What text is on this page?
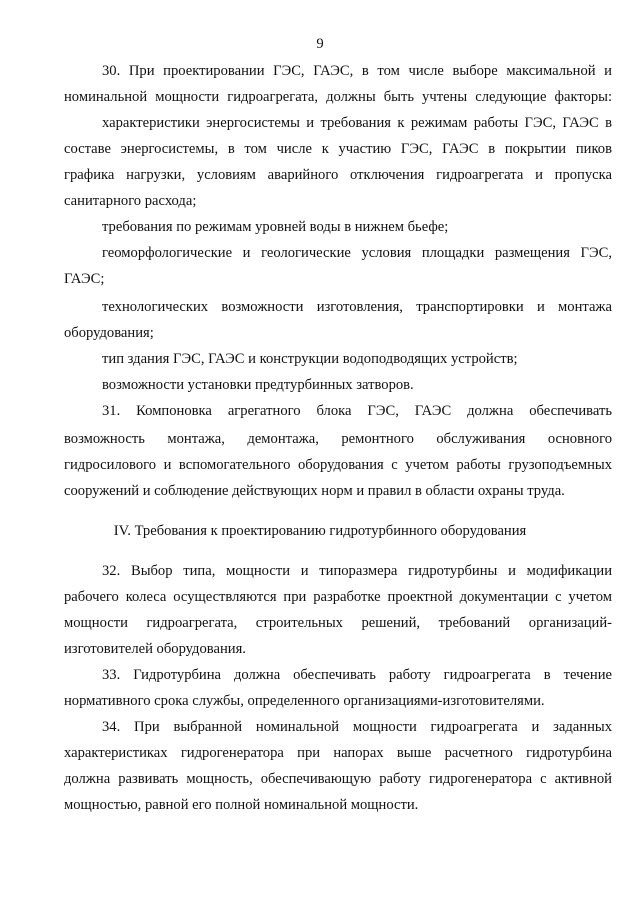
9
30. При проектировании ГЭС, ГАЭС, в том числе выборе максимальной и
номинальной мощности гидроагрегата, должны быть учтены следующие факторы:
характеристики энергосистемы и требования к режимам работы ГЭС, ГАЭС в
составе энергосистемы, в том числе к участию ГЭС, ГАЭС в покрытии пиков
графика нагрузки, условиям аварийного отключения гидроагрегата и пропуска
санитарного расхода;
требования по режимам уровней воды в нижнем бьефе;
геоморфологические и геологические условия площадки размещения ГЭС,
ГАЭС;
технологических возможности изготовления, транспортировки и монтажа
оборудования;
тип здания ГЭС, ГАЭС и конструкции водоподводящих устройств;
возможности установки предтурбинных затворов.
31. Компоновка агрегатного блока ГЭС, ГАЭС должна обеспечивать
возможность монтажа, демонтажа, ремонтного обслуживания основного
гидросилового и вспомогательного оборудования с учетом работы грузоподъемных
сооружений и соблюдение действующих норм и правил в области охраны труда.
IV. Требования к проектированию гидротурбинного оборудования
32. Выбор типа, мощности и типоразмера гидротурбины и модификации
рабочего колеса осуществляются при разработке проектной документации с учетом
мощности гидроагрегата, строительных решений, требований организаций-
изготовителей оборудования.
33. Гидротурбина должна обеспечивать работу гидроагрегата в течение
нормативного срока службы, определенного организациями-изготовителями.
34. При выбранной номинальной мощности гидроагрегата и заданных
характеристиках гидрогенератора при напорах выше расчетного гидротурбина
должна развивать мощность, обеспечивающую работу гидрогенератора с активной
мощностью, равной его полной номинальной мощности.
